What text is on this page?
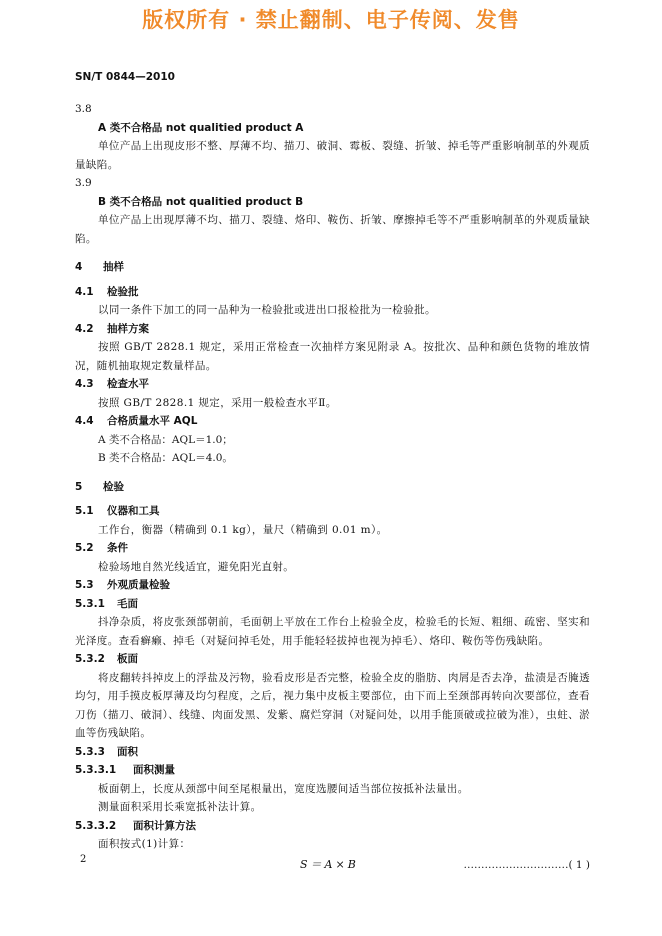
版权所有 · 禁止翻制、电子传阅、发售
SN/T 0844—2010

3.8

A 类不合格品 not qualitied product A

单位产品上出现皮形不整、厚薄不均、描刀、破洞、霉板、裂缝、折皱、掉毛等严重影响制革的外观质量缺陷。

3.9

B 类不合格品 not qualitied product B

单位产品上出现厚薄不均、描刀、裂缝、烙印、鞍伤、折皱、摩擦掉毛等不严重影响制革的外观质量缺陷。

4 抽样

4.1 检验批

以同一条件下加工的同一品种为一检验批或进出口报检批为一检验批。

4.2 抽样方案

按照 GB/T 2828.1 规定，采用正常检查一次抽样方案见附录 A。按批次、品种和颜色货物的堆放情况，随机抽取规定数量样品。

4.3 检查水平

按照 GB/T 2828.1 规定，采用一般检查水平Ⅱ。

4.4 合格质量水平 AQL

A 类不合格品：AQL＝1.0；

B 类不合格品：AQL＝4.0。

5 检验

5.1 仪器和工具

工作台，衡器（精确到 0.1 kg），量尺（精确到 0.01 m）。

5.2 条件

检验场地自然光线适宜，避免阳光直射。

5.3 外观质量检验

5.3.1 毛面

抖净杂质，将皮张颈部朝前，毛面朝上平放在工作台上检验全皮，检验毛的长短、粗细、疏密、坚实和光泽度。查看癣癞、掉毛（对疑问掉毛处，用手能轻轻拔掉也视为掉毛）、烙印、鞍伤等伤残缺陷。

5.3.2 板面

将皮翻转抖掉皮上的浮盐及污物，验看皮形是否完整，检验全皮的脂肪、肉屑是否去净，盐渍是否腌透均匀，用手摸皮板厚薄及均匀程度，之后，视力集中皮板主要部位，由下而上至颈部再转向次要部位，查看刀伤（描刀、破洞）、线缝、肉面发黑、发紫、腐烂穿洞（对疑问处，以用手能顶破或拉破为准），虫蛀、淤血等伤残缺陷。

5.3.3 面积

5.3.3.1 面积测量

板面朝上，长度从颈部中间至尾根量出，宽度选腰间适当部位按抵补法量出。

测量面积采用长乘宽抵补法计算。

5.3.3.2 面积计算方法

面积按式(1)计算：

S＝A×B	…………………………( 1 )
2
